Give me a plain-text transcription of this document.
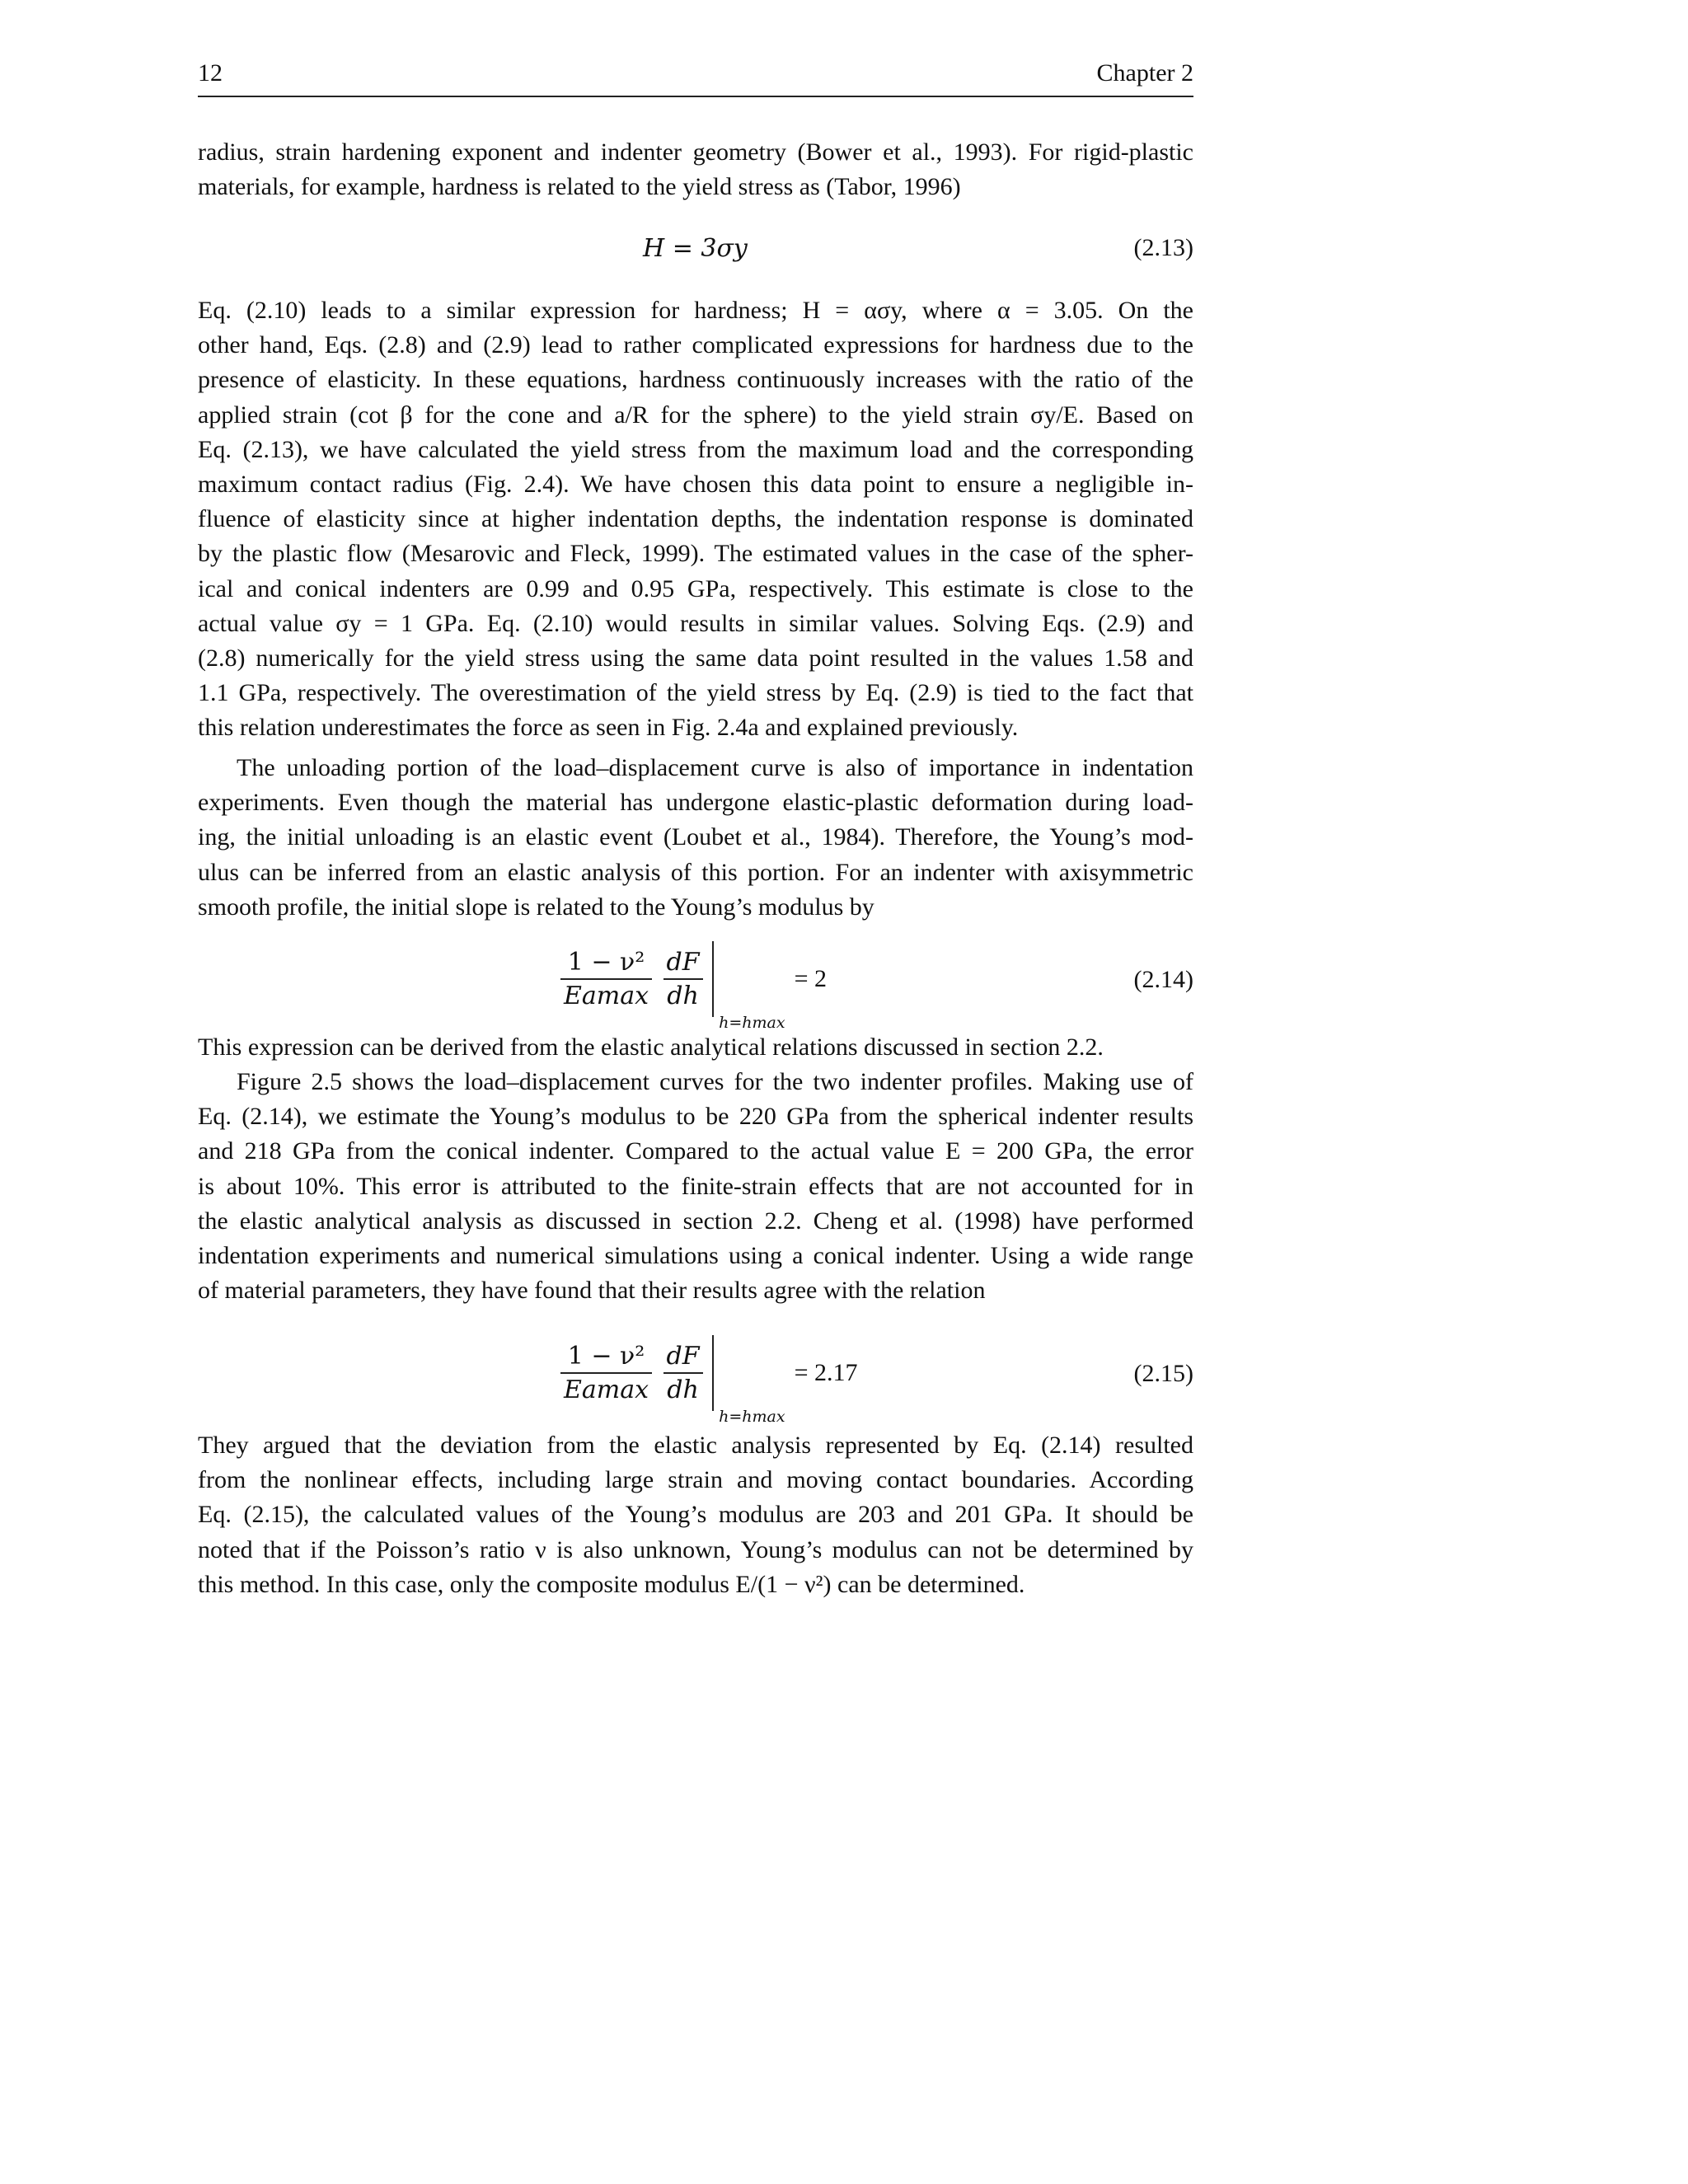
12	Chapter 2
radius, strain hardening exponent and indenter geometry (Bower et al., 1993). For rigid-plastic
materials, for example, hardness is related to the yield stress as (Tabor, 1996)
H = 3σy	(2.13)
Eq. (2.10) leads to a similar expression for hardness; H = ασy, where α = 3.05. On the
other hand, Eqs. (2.8) and (2.9) lead to rather complicated expressions for hardness due to the
presence of elasticity. In these equations, hardness continuously increases with the ratio of the
applied strain (cot β for the cone and a/R for the sphere) to the yield strain σy/E. Based on
Eq. (2.13), we have calculated the yield stress from the maximum load and the corresponding
maximum contact radius (Fig. 2.4). We have chosen this data point to ensure a negligible in-
fluence of elasticity since at higher indentation depths, the indentation response is dominated
by the plastic flow (Mesarovic and Fleck, 1999). The estimated values in the case of the spher-
ical and conical indenters are 0.99 and 0.95 GPa, respectively. This estimate is close to the
actual value σy = 1 GPa. Eq. (2.10) would results in similar values. Solving Eqs. (2.9) and
(2.8) numerically for the yield stress using the same data point resulted in the values 1.58 and
1.1 GPa, respectively. The overestimation of the yield stress by Eq. (2.9) is tied to the fact that
this relation underestimates the force as seen in Fig. 2.4a and explained previously.
The unloading portion of the load–displacement curve is also of importance in indentation
experiments. Even though the material has undergone elastic-plastic deformation during load-
ing, the initial unloading is an elastic event (Loubet et al., 1984). Therefore, the Young’s mod-
ulus can be inferred from an elastic analysis of this portion. For an indenter with axisymmetric
smooth profile, the initial slope is related to the Young’s modulus by
$\frac{\text{1 − ν²}}{Eamax}$
$\frac{dF}{dh}$

h=hmax
= 2	(2.14)
This expression can be derived from the elastic analytical relations discussed in section 2.2.
Figure 2.5 shows the load–displacement curves for the two indenter profiles. Making use of
Eq. (2.14), we estimate the Young’s modulus to be 220 GPa from the spherical indenter results
and 218 GPa from the conical indenter. Compared to the actual value E = 200 GPa, the error
is about 10%. This error is attributed to the finite-strain effects that are not accounted for in
the elastic analytical analysis as discussed in section 2.2. Cheng et al. (1998) have performed
indentation experiments and numerical simulations using a conical indenter. Using a wide range
of material parameters, they have found that their results agree with the relation
$\frac{\text{1 − ν²}}{Eamax}$
$\frac{dF}{dh}$

h=hmax
= 2.17	(2.15)
They argued that the deviation from the elastic analysis represented by Eq. (2.14) resulted
from the nonlinear effects, including large strain and moving contact boundaries. According
Eq. (2.15), the calculated values of the Young’s modulus are 203 and 201 GPa. It should be
noted that if the Poisson’s ratio ν is also unknown, Young’s modulus can not be determined by
this method. In this case, only the composite modulus E/(1 − ν²) can be determined.
